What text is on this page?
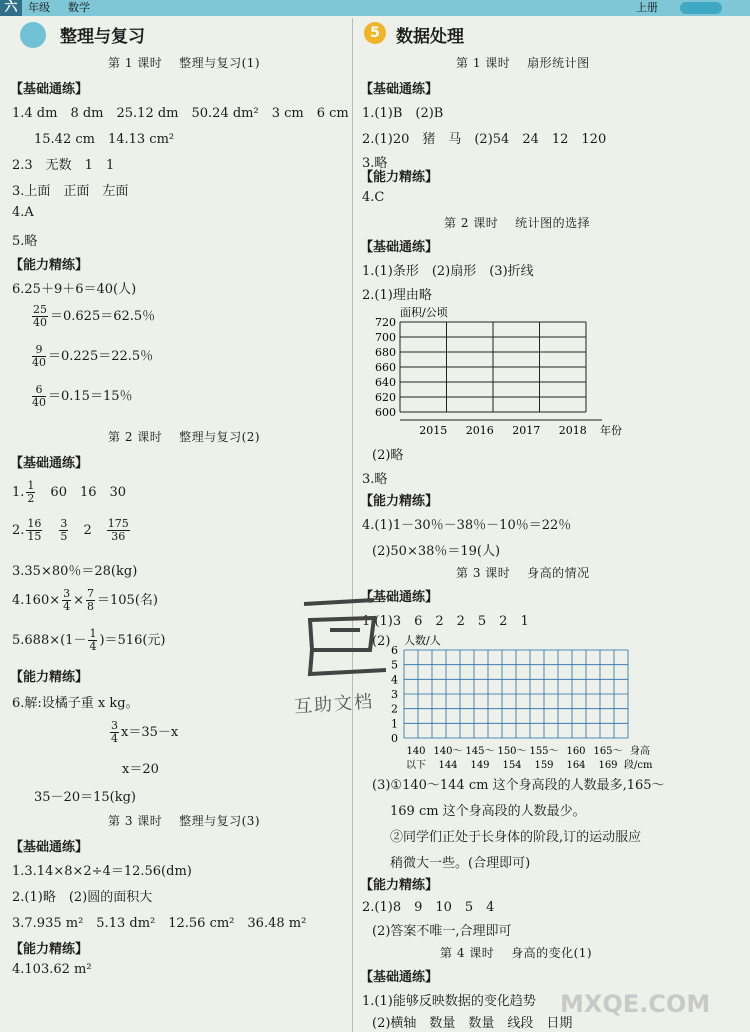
六 年级 数学	上册
整理与复习
第 1 课时　 整理与复习(1)
【基础通练】
1.4 dm　8 dm　25.12 dm　50.24 dm²　3 cm　6 cm
15.42 cm　14.13 cm²
2.3　无数　1　1
3.上面　正面　左面
4.A
5.略
【能力精练】
6.25＋9＋6＝40(人)
$\frac{25}{40} =0.625=62.5$％
$\frac{9}{40} =0.225=22.5$％
$\frac{6}{40} =0.15=15$％
第 2 课时　 整理与复习(2)
【基础通练】
1. $\frac{1}{2}$
　 60　16　30
2. $\frac{16}{15}$
　 $\frac{3}{5}$
　 2　 $\frac{175}{36}$
3.35×80％＝28(kg)
$4.160\times \frac{3}{4} \times \frac{7}{8} =105$(名)
$5.688\times(1- \frac{1}{4} )=516$(元)
【能力精练】
6.解:设橘子重 x kg。
$\frac{3}{4} x=35-x$
x＝20
35－20＝15(kg)
第 3 课时　 整理与复习(3)
【基础通练】
1.3.14×8×2÷4＝12.56(dm)
2.(1)略　(2)圆的面积大
3.7.935 m²　5.13 dm²　12.56 cm²　36.48 m²
【能力精练】
4.103.62 m²
5 数据处理
第 1 课时　 扇形统计图
【基础通练】
1.(1)B　(2)B
2.(1)20　猪　马　(2)54　24　12　120
3.略
【能力精练】
4.C
第 2 课时　 统计图的选择
【基础通练】
1.(1)条形　(2)扇形　(3)折线
2.(1)理由略
面积/公顷
600
620
640
660
680
700
720
2015 2016 2017 2018 年份
(2)略
3.略
【能力精练】
4.(1)1－30％－38％－10％＝22％
(2)50×38％＝19(人)
第 3 课时　 身高的情况
【基础通练】
1.(1)3　6　2　2　5　2　1
(2) 人数/人
0
1
2
3
4
5
6
140 140～ 145～ 150～ 155～ 160 165～
以下 144 149 154 159 164 169
身高
段/cm
(3)①140～144 cm 这个身高段的人数最多,165～
169 cm 这个身高段的人数最少。
②同学们正处于长身体的阶段,订的运动服应
稍微大一些。(合理即可)
【能力精练】
2.(1)8　9　10　5　4
(2)答案不唯一,合理即可
第 4 课时　 身高的变化(1)
【基础通练】
1.(1)能够反映数据的变化趋势
(2)横轴　数量　数量　线段　日期
互助文档
MXQE.COM
